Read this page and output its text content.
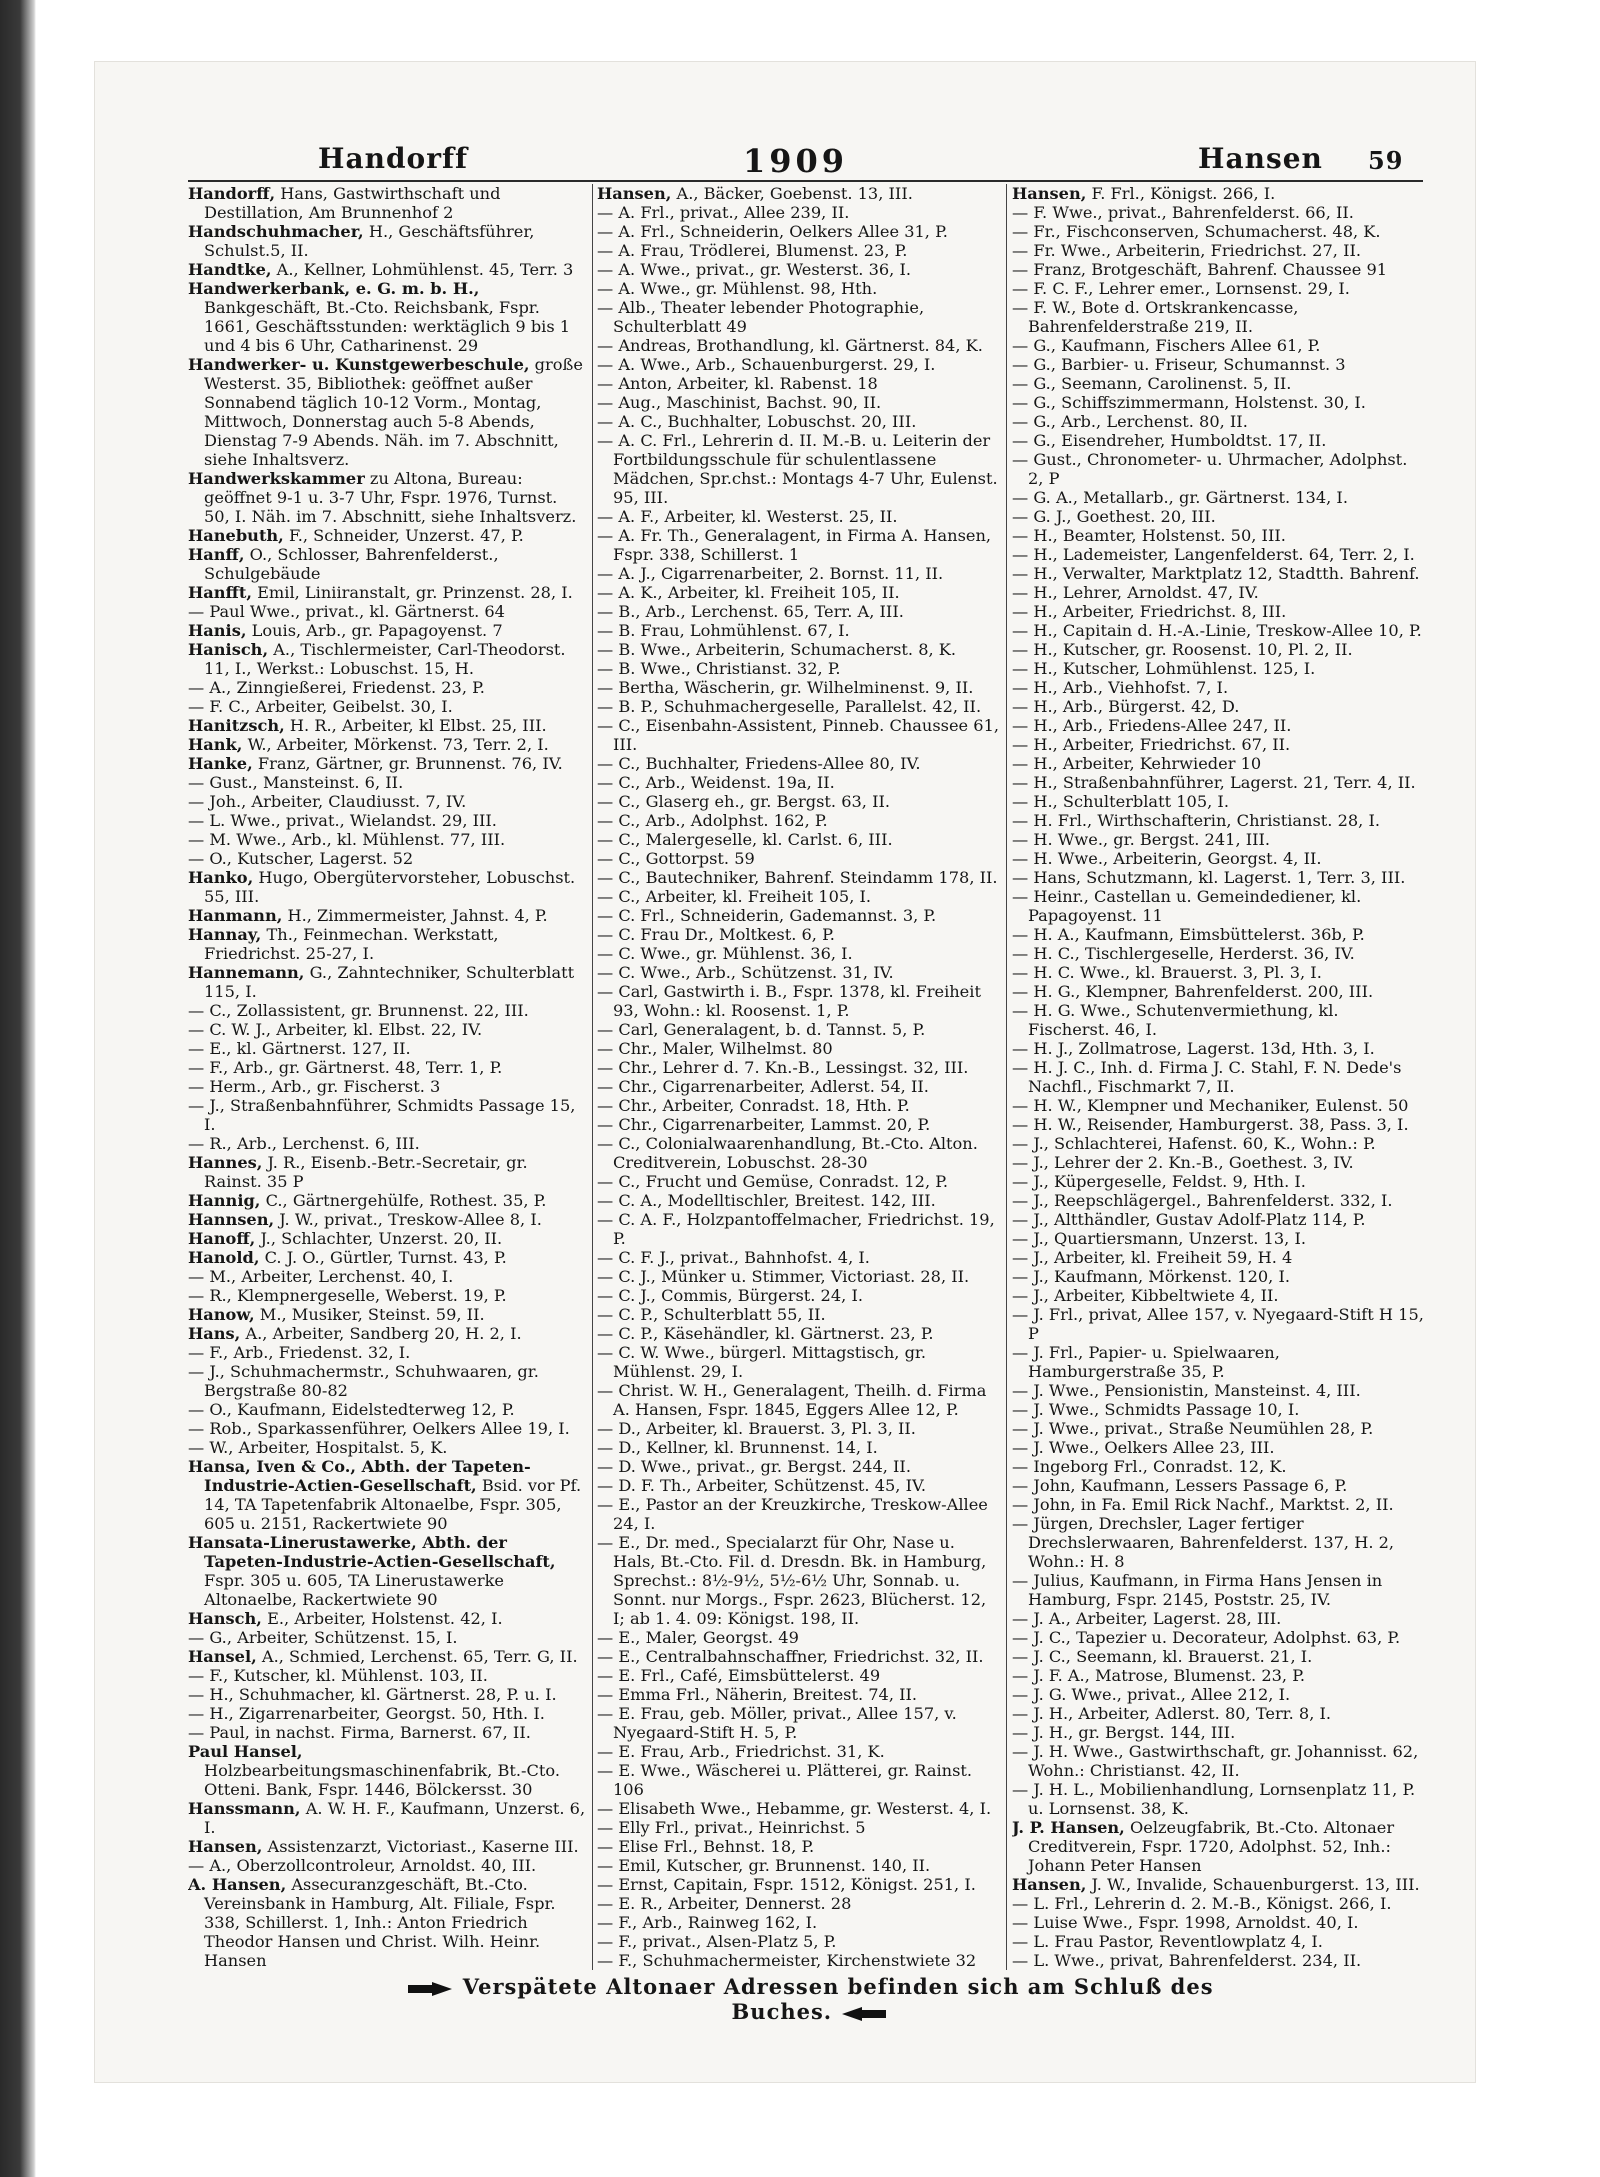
Handorff	1909	Hansen 59
Handorff, Hans, Gastwirthschaft und Destillation, Am Brunnenhof 2
Handschuhmacher, H., Geschäftsführer, Schulst.5, II.
Handtke, A., Kellner, Lohmühlenst. 45, Terr. 3
Handwerkerbank, e. G. m. b. H., Bankgeschäft, Bt.-Cto. Reichsbank, Fspr. 1661, Geschäftsstunden: werktäglich 9 bis 1 und 4 bis 6 Uhr, Catharinenst. 29
Handwerker- u. Kunstgewerbeschule, große Westerst. 35, Bibliothek: geöffnet außer Sonnabend täglich 10-12 Vorm., Montag, Mittwoch, Donnerstag auch 5-8 Abends, Dienstag 7-9 Abends. Näh. im 7. Abschnitt, siehe Inhaltsverz.
Handwerkskammer zu Altona, Bureau: geöffnet 9-1 u. 3-7 Uhr, Fspr. 1976, Turnst. 50, I. Näh. im 7. Abschnitt, siehe Inhaltsverz.
Hanebuth, F., Schneider, Unzerst. 47, P.
Hanff, O., Schlosser, Bahrenfelderst., Schulgebäude
Hanfft, Emil, Liniiranstalt, gr. Prinzenst. 28, I.
— Paul Wwe., privat., kl. Gärtnerst. 64
Hanis, Louis, Arb., gr. Papagoyenst. 7
Hanisch, A., Tischlermeister, Carl-Theodorst. 11, I., Werkst.: Lobuschst. 15, H.
— A., Zinngießerei, Friedenst. 23, P.
— F. C., Arbeiter, Geibelst. 30, I.
Hanitzsch, H. R., Arbeiter, kl Elbst. 25, III.
Hank, W., Arbeiter, Mörkenst. 73, Terr. 2, I.
Hanke, Franz, Gärtner, gr. Brunnenst. 76, IV.
— Gust., Mansteinst. 6, II.
— Joh., Arbeiter, Claudiusst. 7, IV.
— L. Wwe., privat., Wielandst. 29, III.
— M. Wwe., Arb., kl. Mühlenst. 77, III.
— O., Kutscher, Lagerst. 52
Hanko, Hugo, Obergütervorsteher, Lobuschst. 55, III.
Hanmann, H., Zimmermeister, Jahnst. 4, P.
Hannay, Th., Feinmechan. Werkstatt, Friedrichst. 25-27, I.
Hannemann, G., Zahntechniker, Schulterblatt 115, I.
— C., Zollassistent, gr. Brunnenst. 22, III.
— C. W. J., Arbeiter, kl. Elbst. 22, IV.
— E., kl. Gärtnerst. 127, II.
— F., Arb., gr. Gärtnerst. 48, Terr. 1, P.
— Herm., Arb., gr. Fischerst. 3
— J., Straßenbahnführer, Schmidts Passage 15, I.
— R., Arb., Lerchenst. 6, III.
Hannes, J. R., Eisenb.-Betr.-Secretair, gr. Rainst. 35 P
Hannig, C., Gärtnergehülfe, Rothest. 35, P.
Hannsen, J. W., privat., Treskow-Allee 8, I.
Hanoff, J., Schlachter, Unzerst. 20, II.
Hanold, C. J. O., Gürtler, Turnst. 43, P.
— M., Arbeiter, Lerchenst. 40, I.
— R., Klempnergeselle, Weberst. 19, P.
Hanow, M., Musiker, Steinst. 59, II.
Hans, A., Arbeiter, Sandberg 20, H. 2, I.
— F., Arb., Friedenst. 32, I.
— J., Schuhmachermstr., Schuhwaaren, gr. Bergstraße 80-82
— O., Kaufmann, Eidelstedterweg 12, P.
— Rob., Sparkassenführer, Oelkers Allee 19, I.
— W., Arbeiter, Hospitalst. 5, K.
Hansa, Iven & Co., Abth. der Tapeten-Industrie-Actien-Gesellschaft, Bsid. vor Pf. 14, TA Tapetenfabrik Altonaelbe, Fspr. 305, 605 u. 2151, Rackertwiete 90
Hansata-Linerustawerke, Abth. der Tapeten-Industrie-Actien-Gesellschaft, Fspr. 305 u. 605, TA Linerustawerke Altonaelbe, Rackertwiete 90
Hansch, E., Arbeiter, Holstenst. 42, I.
— G., Arbeiter, Schützenst. 15, I.
Hansel, A., Schmied, Lerchenst. 65, Terr. G, II.
— F., Kutscher, kl. Mühlenst. 103, II.
— H., Schuhmacher, kl. Gärtnerst. 28, P. u. I.
— H., Zigarrenarbeiter, Georgst. 50, Hth. I.
— Paul, in nachst. Firma, Barnerst. 67, II.
Paul Hansel, Holzbearbeitungsmaschinenfabrik, Bt.-Cto. Otteni. Bank, Fspr. 1446, Bölckersst. 30
Hanssmann, A. W. H. F., Kaufmann, Unzerst. 6, I.
Hansen, Assistenzarzt, Victoriast., Kaserne III.
— A., Oberzollcontroleur, Arnoldst. 40, III.
A. Hansen, Assecuranzgeschäft, Bt.-Cto. Vereinsbank in Hamburg, Alt. Filiale, Fspr. 338, Schillerst. 1, Inh.: Anton Friedrich Theodor Hansen und Christ. Wilh. Heinr. Hansen
Hansen, A., Bäcker, Goebenst. 13, III.
— A. Frl., privat., Allee 239, II.
— A. Frl., Schneiderin, Oelkers Allee 31, P.
— A. Frau, Trödlerei, Blumenst. 23, P.
— A. Wwe., privat., gr. Westerst. 36, I.
— A. Wwe., gr. Mühlenst. 98, Hth.
— Alb., Theater lebender Photographie, Schulterblatt 49
— Andreas, Brothandlung, kl. Gärtnerst. 84, K.
— A. Wwe., Arb., Schauenburgerst. 29, I.
— Anton, Arbeiter, kl. Rabenst. 18
— Aug., Maschinist, Bachst. 90, II.
— A. C., Buchhalter, Lobuschst. 20, III.
— A. C. Frl., Lehrerin d. II. M.-B. u. Leiterin der Fortbildungsschule für schulentlassene Mädchen, Spr.chst.: Montags 4-7 Uhr, Eulenst. 95, III.
— A. F., Arbeiter, kl. Westerst. 25, II.
— A. Fr. Th., Generalagent, in Firma A. Hansen, Fspr. 338, Schillerst. 1
— A. J., Cigarrenarbeiter, 2. Bornst. 11, II.
— A. K., Arbeiter, kl. Freiheit 105, II.
— B., Arb., Lerchenst. 65, Terr. A, III.
— B. Frau, Lohmühlenst. 67, I.
— B. Wwe., Arbeiterin, Schumacherst. 8, K.
— B. Wwe., Christianst. 32, P.
— Bertha, Wäscherin, gr. Wilhelminenst. 9, II.
— B. P., Schuhmachergeselle, Parallelst. 42, II.
— C., Eisenbahn-Assistent, Pinneb. Chaussee 61, III.
— C., Buchhalter, Friedens-Allee 80, IV.
— C., Arb., Weidenst. 19a, II.
— C., Glaserg eh., gr. Bergst. 63, II.
— C., Arb., Adolphst. 162, P.
— C., Malergeselle, kl. Carlst. 6, III.
— C., Gottorpst. 59
— C., Bautechniker, Bahrenf. Steindamm 178, II.
— C., Arbeiter, kl. Freiheit 105, I.
— C. Frl., Schneiderin, Gademannst. 3, P.
— C. Frau Dr., Moltkest. 6, P.
— C. Wwe., gr. Mühlenst. 36, I.
— C. Wwe., Arb., Schützenst. 31, IV.
— Carl, Gastwirth i. B., Fspr. 1378, kl. Freiheit 93, Wohn.: kl. Roosenst. 1, P.
— Carl, Generalagent, b. d. Tannst. 5, P.
— Chr., Maler, Wilhelmst. 80
— Chr., Lehrer d. 7. Kn.-B., Lessingst. 32, III.
— Chr., Cigarrenarbeiter, Adlerst. 54, II.
— Chr., Arbeiter, Conradst. 18, Hth. P.
— Chr., Cigarrenarbeiter, Lammst. 20, P.
— C., Colonialwaarenhandlung, Bt.-Cto. Alton. Creditverein, Lobuschst. 28-30
— C., Frucht und Gemüse, Conradst. 12, P.
— C. A., Modelltischler, Breitest. 142, III.
— C. A. F., Holzpantoffelmacher, Friedrichst. 19, P.
— C. F. J., privat., Bahnhofst. 4, I.
— C. J., Münker u. Stimmer, Victoriast. 28, II.
— C. J., Commis, Bürgerst. 24, I.
— C. P., Schulterblatt 55, II.
— C. P., Käsehändler, kl. Gärtnerst. 23, P.
— C. W. Wwe., bürgerl. Mittagstisch, gr. Mühlenst. 29, I.
— Christ. W. H., Generalagent, Theilh. d. Firma A. Hansen, Fspr. 1845, Eggers Allee 12, P.
— D., Arbeiter, kl. Brauerst. 3, Pl. 3, II.
— D., Kellner, kl. Brunnenst. 14, I.
— D. Wwe., privat., gr. Bergst. 244, II.
— D. F. Th., Arbeiter, Schützenst. 45, IV.
— E., Pastor an der Kreuzkirche, Treskow-Allee 24, I.
— E., Dr. med., Specialarzt für Ohr, Nase u. Hals, Bt.-Cto. Fil. d. Dresdn. Bk. in Hamburg, Sprechst.: 8½-9½, 5½-6½ Uhr, Sonnab. u. Sonnt. nur Morgs., Fspr. 2623, Blücherst. 12, I; ab 1. 4. 09: Königst. 198, II.
— E., Maler, Georgst. 49
— E., Centralbahnschaffner, Friedrichst. 32, II.
— E. Frl., Café, Eimsbüttelerst. 49
— Emma Frl., Näherin, Breitest. 74, II.
— E. Frau, geb. Möller, privat., Allee 157, v. Nyegaard-Stift H. 5, P.
— E. Frau, Arb., Friedrichst. 31, K.
— E. Wwe., Wäscherei u. Plätterei, gr. Rainst. 106
— Elisabeth Wwe., Hebamme, gr. Westerst. 4, I.
— Elly Frl., privat., Heinrichst. 5
— Elise Frl., Behnst. 18, P.
— Emil, Kutscher, gr. Brunnenst. 140, II.
— Ernst, Capitain, Fspr. 1512, Königst. 251, I.
— E. R., Arbeiter, Dennerst. 28
— F., Arb., Rainweg 162, I.
— F., privat., Alsen-Platz 5, P.
— F., Schuhmachermeister, Kirchenstwiete 32
Hansen, F. Frl., Königst. 266, I.
— F. Wwe., privat., Bahrenfelderst. 66, II.
— Fr., Fischconserven, Schumacherst. 48, K.
— Fr. Wwe., Arbeiterin, Friedrichst. 27, II.
— Franz, Brotgeschäft, Bahrenf. Chaussee 91
— F. C. F., Lehrer emer., Lornsenst. 29, I.
— F. W., Bote d. Ortskrankencasse, Bahrenfelderstraße 219, II.
— G., Kaufmann, Fischers Allee 61, P.
— G., Barbier- u. Friseur, Schumannst. 3
— G., Seemann, Carolinenst. 5, II.
— G., Schiffszimmermann, Holstenst. 30, I.
— G., Arb., Lerchenst. 80, II.
— G., Eisendreher, Humboldtst. 17, II.
— Gust., Chronometer- u. Uhrmacher, Adolphst. 2, P
— G. A., Metallarb., gr. Gärtnerst. 134, I.
— G. J., Goethest. 20, III.
— H., Beamter, Holstenst. 50, III.
— H., Lademeister, Langenfelderst. 64, Terr. 2, I.
— H., Verwalter, Marktplatz 12, Stadtth. Bahrenf.
— H., Lehrer, Arnoldst. 47, IV.
— H., Arbeiter, Friedrichst. 8, III.
— H., Capitain d. H.-A.-Linie, Treskow-Allee 10, P.
— H., Kutscher, gr. Roosenst. 10, Pl. 2, II.
— H., Kutscher, Lohmühlenst. 125, I.
— H., Arb., Viehhofst. 7, I.
— H., Arb., Bürgerst. 42, D.
— H., Arb., Friedens-Allee 247, II.
— H., Arbeiter, Friedrichst. 67, II.
— H., Arbeiter, Kehrwieder 10
— H., Straßenbahnführer, Lagerst. 21, Terr. 4, II.
— H., Schulterblatt 105, I.
— H. Frl., Wirthschafterin, Christianst. 28, I.
— H. Wwe., gr. Bergst. 241, III.
— H. Wwe., Arbeiterin, Georgst. 4, II.
— Hans, Schutzmann, kl. Lagerst. 1, Terr. 3, III.
— Heinr., Castellan u. Gemeindediener, kl. Papagoyenst. 11
— H. A., Kaufmann, Eimsbüttelerst. 36b, P.
— H. C., Tischlergeselle, Herderst. 36, IV.
— H. C. Wwe., kl. Brauerst. 3, Pl. 3, I.
— H. G., Klempner, Bahrenfelderst. 200, III.
— H. G. Wwe., Schutenvermiethung, kl. Fischerst. 46, I.
— H. J., Zollmatrose, Lagerst. 13d, Hth. 3, I.
— H. J. C., Inh. d. Firma J. C. Stahl, F. N. Dede's Nachfl., Fischmarkt 7, II.
— H. W., Klempner und Mechaniker, Eulenst. 50
— H. W., Reisender, Hamburgerst. 38, Pass. 3, I.
— J., Schlachterei, Hafenst. 60, K., Wohn.: P.
— J., Lehrer der 2. Kn.-B., Goethest. 3, IV.
— J., Küpergeselle, Feldst. 9, Hth. I.
— J., Reepschlägergel., Bahrenfelderst. 332, I.
— J., Altthändler, Gustav Adolf-Platz 114, P.
— J., Quartiersmann, Unzerst. 13, I.
— J., Arbeiter, kl. Freiheit 59, H. 4
— J., Kaufmann, Mörkenst. 120, I.
— J., Arbeiter, Kibbeltwiete 4, II.
— J. Frl., privat, Allee 157, v. Nyegaard-Stift H 15, P
— J. Frl., Papier- u. Spielwaaren, Hamburgerstraße 35, P.
— J. Wwe., Pensionistin, Mansteinst. 4, III.
— J. Wwe., Schmidts Passage 10, I.
— J. Wwe., privat., Straße Neumühlen 28, P.
— J. Wwe., Oelkers Allee 23, III.
— Ingeborg Frl., Conradst. 12, K.
— John, Kaufmann, Lessers Passage 6, P.
— John, in Fa. Emil Rick Nachf., Marktst. 2, II.
— Jürgen, Drechsler, Lager fertiger Drechslerwaaren, Bahrenfelderst. 137, H. 2, Wohn.: H. 8
— Julius, Kaufmann, in Firma Hans Jensen in Hamburg, Fspr. 2145, Poststr. 25, IV.
— J. A., Arbeiter, Lagerst. 28, III.
— J. C., Tapezier u. Decorateur, Adolphst. 63, P.
— J. C., Seemann, kl. Brauerst. 21, I.
— J. F. A., Matrose, Blumenst. 23, P.
— J. G. Wwe., privat., Allee 212, I.
— J. H., Arbeiter, Adlerst. 80, Terr. 8, I.
— J. H., gr. Bergst. 144, III.
— J. H. Wwe., Gastwirthschaft, gr. Johannisst. 62, Wohn.: Christianst. 42, II.
— J. H. L., Mobilienhandlung, Lornsenplatz 11, P. u. Lornsenst. 38, K.
J. P. Hansen, Oelzeugfabrik, Bt.-Cto. Altonaer Creditverein, Fspr. 1720, Adolphst. 52, Inh.: Johann Peter Hansen
Hansen, J. W., Invalide, Schauenburgerst. 13, III.
— L. Frl., Lehrerin d. 2. M.-B., Königst. 266, I.
— Luise Wwe., Fspr. 1998, Arnoldst. 40, I.
— L. Frau Pastor, Reventlowplatz 4, I.
— L. Wwe., privat, Bahrenfelderst. 234, II.
Verspätete Altonaer Adressen befinden sich am Schluß des Buches.
